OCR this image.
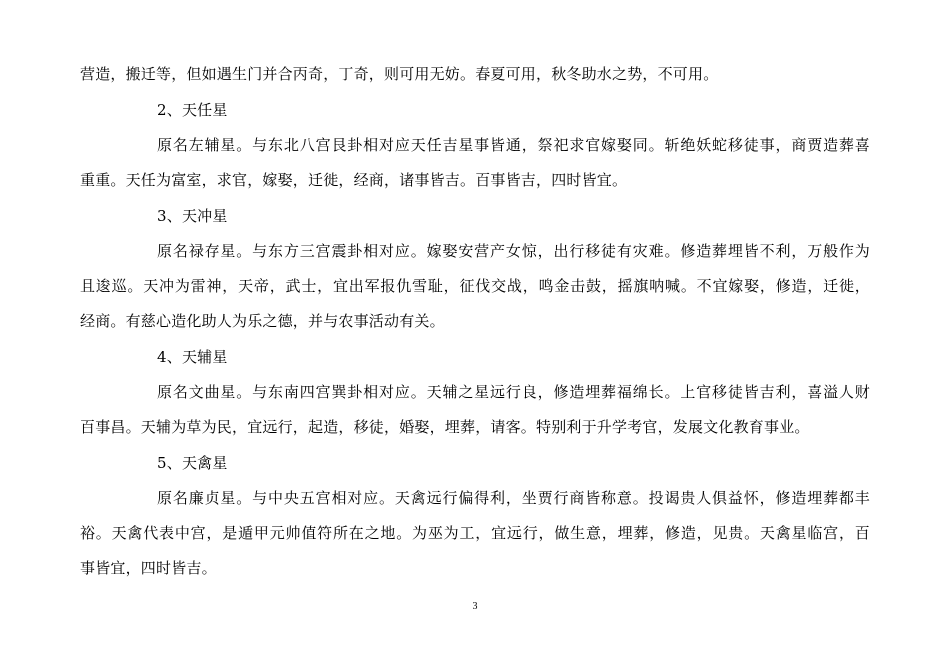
营造，搬迁等，但如遇生门并合丙奇，丁奇，则可用无妨。春夏可用，秋冬助水之势，不可用。
2、天任星
原名左辅星。与东北八宫艮卦相对应天任吉星事皆通，祭祀求官嫁娶同。斩绝妖蛇移徒事，商贾造葬喜
重重。天任为富室，求官，嫁娶，迁徙，经商，诸事皆吉。百事皆吉，四时皆宜。
3、天冲星
原名禄存星。与东方三宫震卦相对应。嫁娶安营产女惊，出行移徒有灾难。修造葬埋皆不利，万般作为
且逡巡。天冲为雷神，天帝，武士，宜出军报仇雪耻，征伐交战，鸣金击鼓，摇旗呐喊。不宜嫁娶，修造，迁徙，
经商。有慈心造化助人为乐之德，并与农事活动有关。
4、天辅星
原名文曲星。与东南四宫巽卦相对应。天辅之星远行良，修造埋葬福绵长。上官移徒皆吉利，喜溢人财
百事昌。天辅为草为民，宜远行，起造，移徒，婚娶，埋葬，请客。特别利于升学考官，发展文化教育事业。
5、天禽星
原名廉贞星。与中央五宫相对应。天禽远行偏得利，坐贾行商皆称意。投谒贵人俱益怀，修造埋葬都丰
裕。天禽代表中宫，是遁甲元帅值符所在之地。为巫为工，宜远行，做生意，埋葬，修造，见贵。天禽星临宫，百
事皆宜，四时皆吉。
3
